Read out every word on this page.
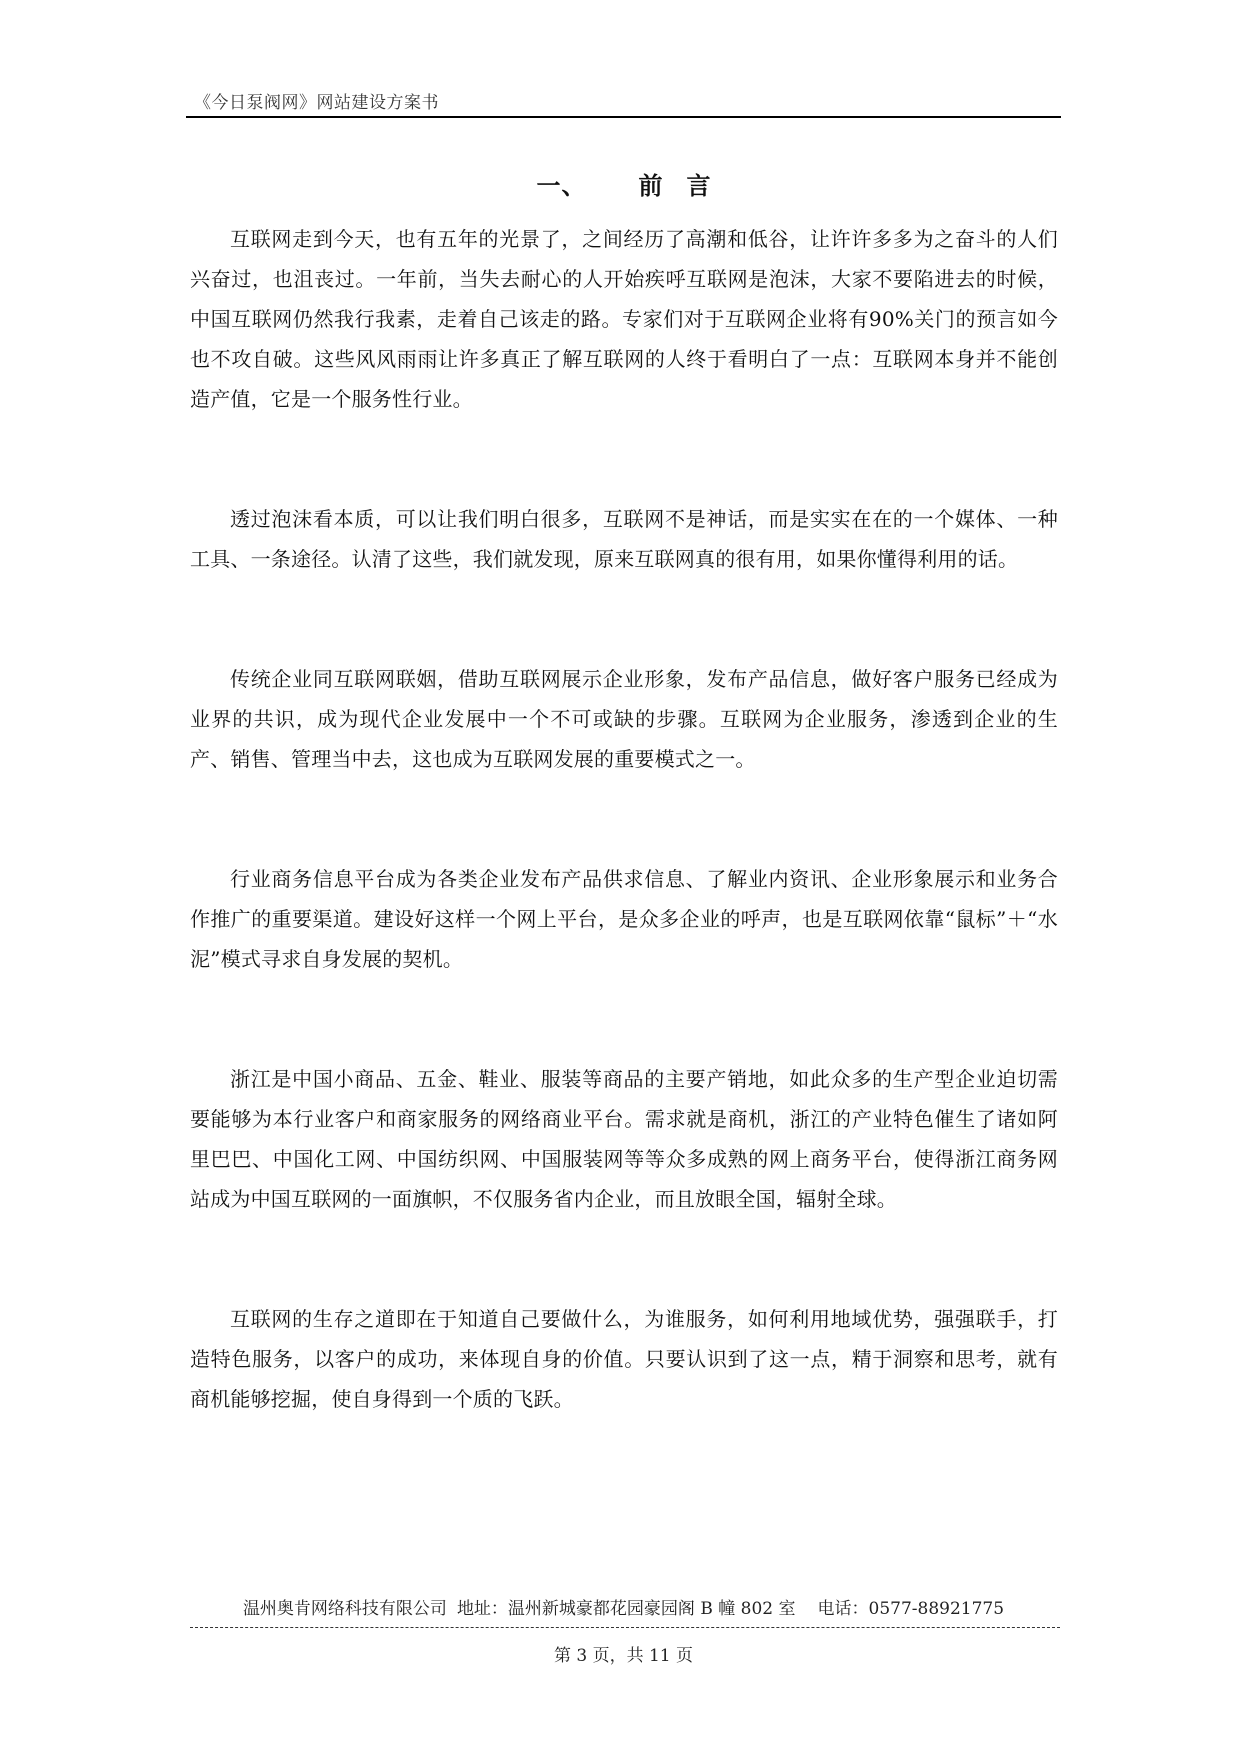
《今日泵阀网》网站建设方案书
一、 前言

互联网走到今天，也有五年的光景了，之间经历了高潮和低谷，让许许多多为之奋斗的人们兴奋过，也沮丧过。一年前，当失去耐心的人开始疾呼互联网是泡沫，大家不要陷进去的时候，中国互联网仍然我行我素，走着自己该走的路。专家们对于互联网企业将有90%关门的预言如今也不攻自破。这些风风雨雨让许多真正了解互联网的人终于看明白了一点：互联网本身并不能创造产值，它是一个服务性行业。

透过泡沫看本质，可以让我们明白很多，互联网不是神话，而是实实在在的一个媒体、一种工具、一条途径。认清了这些，我们就发现，原来互联网真的很有用，如果你懂得利用的话。

传统企业同互联网联姻，借助互联网展示企业形象，发布产品信息，做好客户服务已经成为业界的共识，成为现代企业发展中一个不可或缺的步骤。互联网为企业服务，渗透到企业的生产、销售、管理当中去，这也成为互联网发展的重要模式之一。

行业商务信息平台成为各类企业发布产品供求信息、了解业内资讯、企业形象展示和业务合作推广的重要渠道。建设好这样一个网上平台，是众多企业的呼声，也是互联网依靠“鼠标”＋“水泥”模式寻求自身发展的契机。

浙江是中国小商品、五金、鞋业、服装等商品的主要产销地，如此众多的生产型企业迫切需要能够为本行业客户和商家服务的网络商业平台。需求就是商机，浙江的产业特色催生了诸如阿里巴巴、中国化工网、中国纺织网、中国服装网等等众多成熟的网上商务平台，使得浙江商务网站成为中国互联网的一面旗帜，不仅服务省内企业，而且放眼全国，辐射全球。

互联网的生存之道即在于知道自己要做什么，为谁服务，如何利用地域优势，强强联手，打造特色服务，以客户的成功，来体现自身的价值。只要认识到了这一点，精于洞察和思考，就有商机能够挖掘，使自身得到一个质的飞跃。

温州奥肯网络科技有限公司 地址：温州新城豪都花园豪园阁 B 幢 802 室 电话：0577-88921775
第 3 页，共 11 页
